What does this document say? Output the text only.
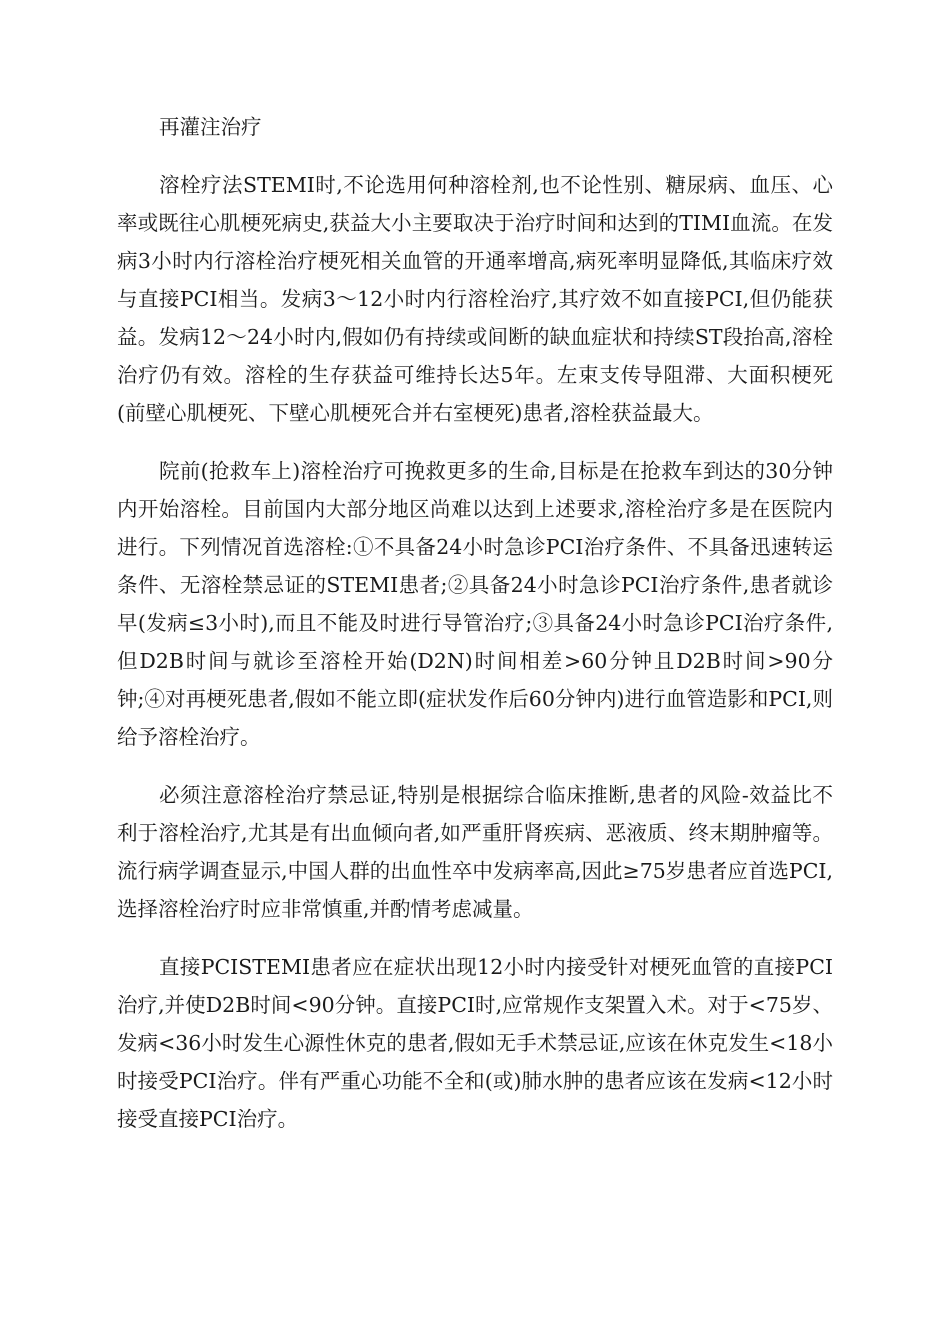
再灌注治疗

溶栓疗法STEMI时,不论选用何种溶栓剂,也不论性别、糖尿病、血压、心率或既往心肌梗死病史,获益大小主要取决于治疗时间和达到的TIMI血流。在发病3小时内行溶栓治疗梗死相关血管的开通率增高,病死率明显降低,其临床疗效与直接PCI相当。发病3～12小时内行溶栓治疗,其疗效不如直接PCI,但仍能获益。发病12～24小时内,假如仍有持续或间断的缺血症状和持续ST段抬高,溶栓治疗仍有效。溶栓的生存获益可维持长达5年。左束支传导阻滞、大面积梗死(前壁心肌梗死、下壁心肌梗死合并右室梗死)患者,溶栓获益最大。

院前(抢救车上)溶栓治疗可挽救更多的生命,目标是在抢救车到达的30分钟内开始溶栓。目前国内大部分地区尚难以达到上述要求,溶栓治疗多是在医院内进行。下列情况首选溶栓:①不具备24小时急诊PCI治疗条件、不具备迅速转运条件、无溶栓禁忌证的STEMI患者;②具备24小时急诊PCI治疗条件,患者就诊早(发病≤3小时),而且不能及时进行导管治疗;③具备24小时急诊PCI治疗条件,但D2B时间与就诊至溶栓开始(D2N)时间相差>60分钟且D2B时间>90分钟;④对再梗死患者,假如不能立即(症状发作后60分钟内)进行血管造影和PCI,则给予溶栓治疗。

必须注意溶栓治疗禁忌证,特别是根据综合临床推断,患者的风险-效益比不利于溶栓治疗,尤其是有出血倾向者,如严重肝肾疾病、恶液质、终末期肿瘤等。流行病学调查显示,中国人群的出血性卒中发病率高,因此≥75岁患者应首选PCI,选择溶栓治疗时应非常慎重,并酌情考虑减量。

直接PCISTEMI患者应在症状出现12小时内接受针对梗死血管的直接PCI治疗,并使D2B时间<90分钟。直接PCI时,应常规作支架置入术。对于<75岁、发病<36小时发生心源性休克的患者,假如无手术禁忌证,应该在休克发生<18小时接受PCI治疗。伴有严重心功能不全和(或)肺水肿的患者应该在发病<12小时接受直接PCI治疗。
